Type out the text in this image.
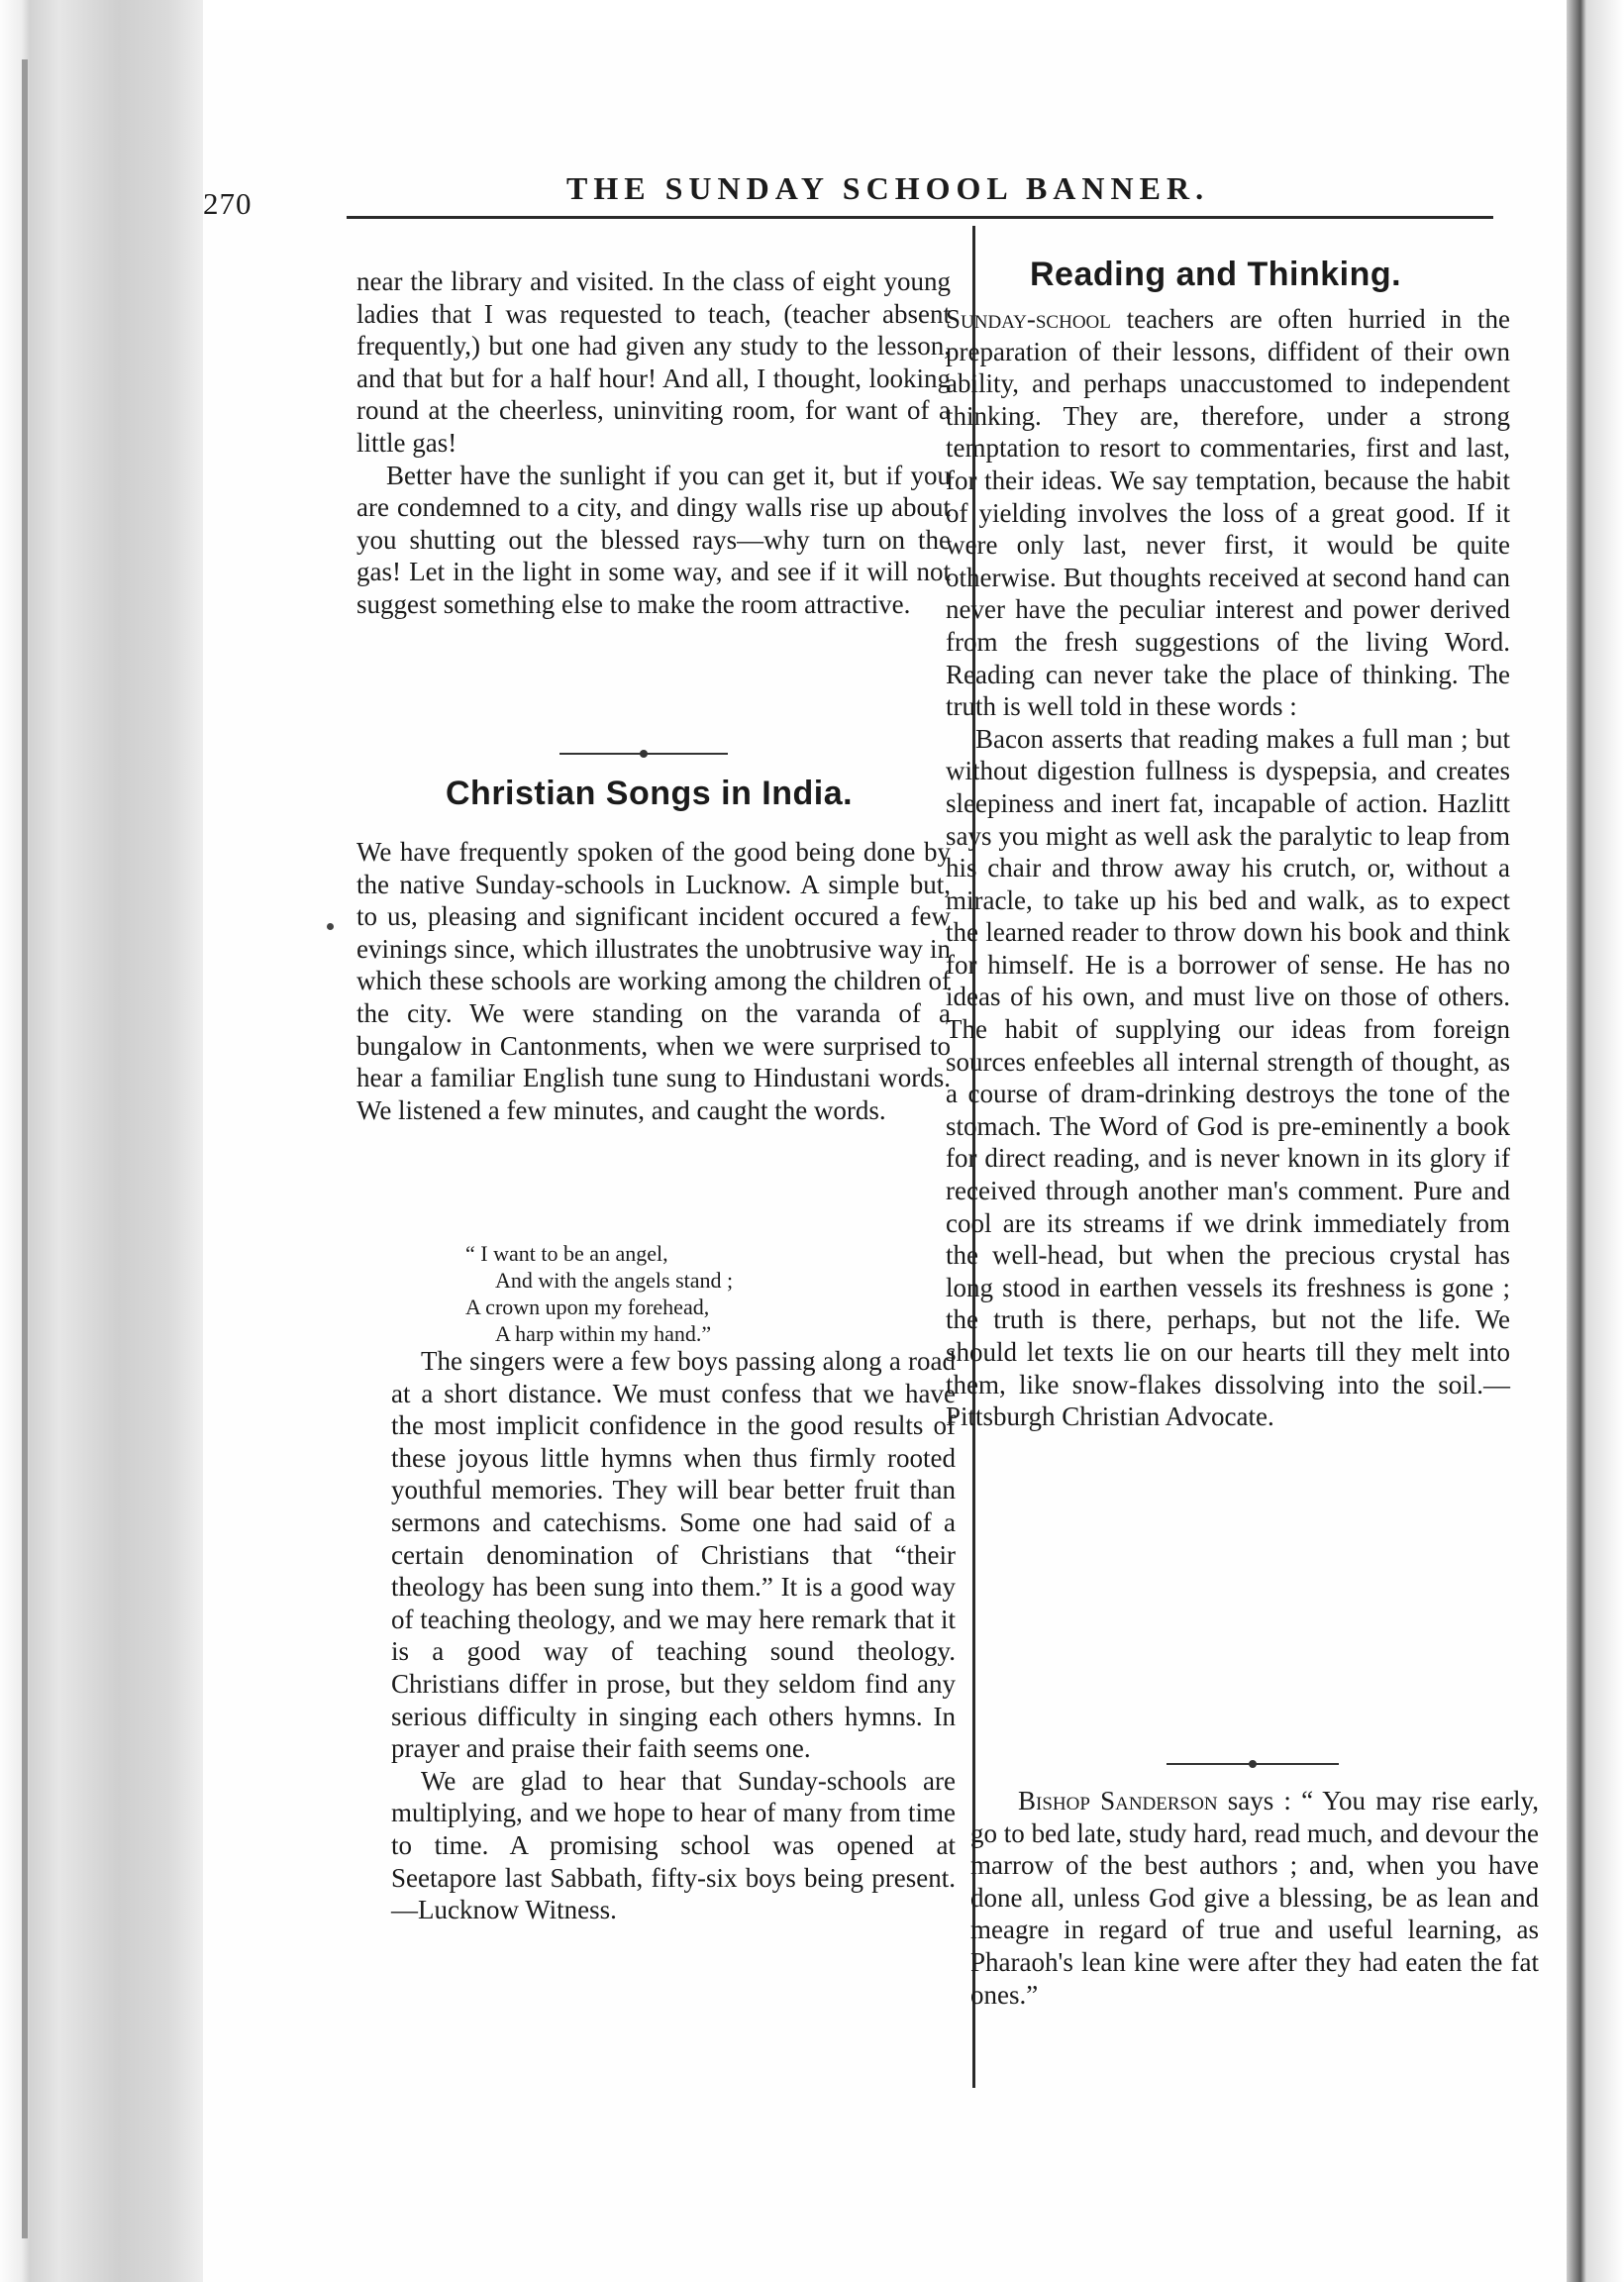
270	THE SUNDAY SCHOOL BANNER.

near the library and visited. In the class of eight young ladies that I was requested to teach, (teacher absent frequently,) but one had given any study to the lesson, and that but for a half hour! And all, I thought, looking round at the cheerless, uninviting room, for want of a little gas!

Better have the sunlight if you can get it, but if you are condemned to a city, and dingy walls rise up about you shutting out the blessed rays—why turn on the gas! Let in the light in some way, and see if it will not suggest something else to make the room attractive.

Christian Songs in India.

We have frequently spoken of the good being done by the native Sunday-schools in Lucknow. A simple but, to us, pleasing and significant incident occured a few evinings since, which illustrates the unobtrusive way in which these schools are working among the children of the city. We were standing on the varanda of a bungalow in Cantonments, when we were surprised to hear a familiar English tune sung to Hindustani words. We listened a few minutes, and caught the words.

“ I want to be an angel,
And with the angels stand ;
A crown upon my forehead,
A harp within my hand.”

The singers were a few boys passing along a road at a short distance. We must confess that we have the most implicit confidence in the good results of these joyous little hymns when thus firmly rooted youthful memories. They will bear better fruit than sermons and catechisms. Some one had said of a certain denomination of Christians that “their theology has been sung into them.” It is a good way of teaching theology, and we may here remark that it is a good way of teaching sound theology. Christians differ in prose, but they seldom find any serious difficulty in singing each others hymns. In prayer and praise their faith seems one.

We are glad to hear that Sunday-schools are multiplying, and we hope to hear of many from time to time. A promising school was opened at Seetapore last Sabbath, fifty-six boys being present.—Lucknow Witness.

Reading and Thinking.

Sunday-school teachers are often hurried in the preparation of their lessons, diffident of their own ability, and perhaps unaccustomed to independent thinking. They are, therefore, under a strong temptation to resort to commentaries, first and last, for their ideas. We say temptation, because the habit of yielding involves the loss of a great good. If it were only last, never first, it would be quite otherwise. But thoughts received at second hand can never have the peculiar interest and power derived from the fresh suggestions of the living Word. Reading can never take the place of thinking. The truth is well told in these words :

Bacon asserts that reading makes a full man ; but without digestion fullness is dyspepsia, and creates sleepiness and inert fat, incapable of action. Hazlitt says you might as well ask the paralytic to leap from his chair and throw away his crutch, or, without a miracle, to take up his bed and walk, as to expect the learned reader to throw down his book and think for himself. He is a borrower of sense. He has no ideas of his own, and must live on those of others. The habit of supplying our ideas from foreign sources enfeebles all internal strength of thought, as a course of dram-drinking destroys the tone of the stomach. The Word of God is pre-eminently a book for direct reading, and is never known in its glory if received through another man's comment. Pure and cool are its streams if we drink immediately from the well-head, but when the precious crystal has long stood in earthen vessels its freshness is gone ; the truth is there, perhaps, but not the life. We should let texts lie on our hearts till they melt into them, like snow-flakes dissolving into the soil.—Pittsburgh Christian Advocate.

Bishop Sanderson says : “ You may rise early, go to bed late, study hard, read much, and devour the marrow of the best authors ; and, when you have done all, unless God give a blessing, be as lean and meagre in regard of true and useful learning, as Pharaoh's lean kine were after they had eaten the fat ones.”
